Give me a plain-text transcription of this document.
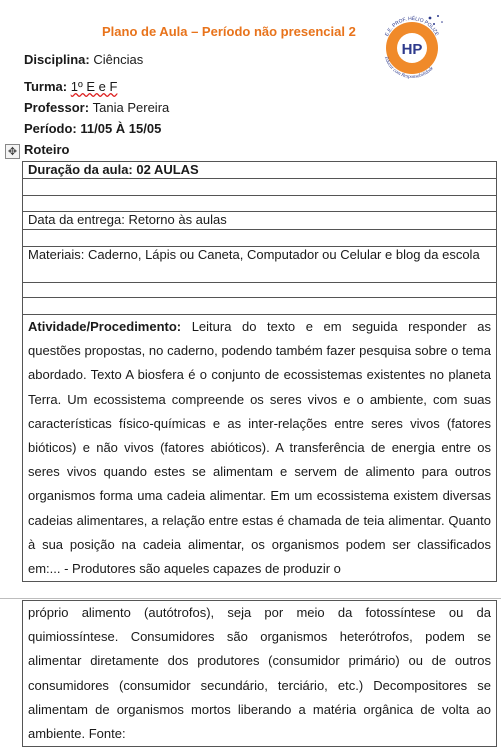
Plano de Aula – Período não presencial 2
HP
E.E. PROF. HÉLIO POLIZE
Educar com Responsabilidade
Disciplina: Ciências
Turma: 1º E e F
Professor: Tania Pereira
Período: 11/05 À 15/05
✥ Roteiro
Duração da aula: 02 AULAS

Data da entrega: Retorno às aulas

Materiais: Caderno, Lápis ou Caneta, Computador ou Celular e blog da escola

Atividade/Procedimento: Leitura do texto e em seguida responder as questões propostas, no caderno, podendo também fazer pesquisa sobre o tema abordado. Texto A biosfera é o conjunto de ecossistemas existentes no planeta Terra. Um ecossistema compreende os seres vivos e o ambiente, com suas características físico-químicas e as inter-relações entre seres vivos (fatores bióticos) e não vivos (fatores abióticos). A transferência de energia entre os seres vivos quando estes se alimentam e servem de alimento para outros organismos forma uma cadeia alimentar. Em um ecossistema existem diversas cadeias alimentares, a relação entre estas é chamada de teia alimentar. Quanto à sua posição na cadeia alimentar, os organismos podem ser classificados em:... - Produtores são aqueles capazes de produzir o
próprio alimento (autótrofos), seja por meio da fotossíntese ou da quimiossíntese. Consumidores são organismos heterótrofos, podem se alimentar diretamente dos produtores (consumidor primário) ou de outros consumidores (consumidor secundário, terciário, etc.) Decompositores se alimentam de organismos mortos liberando a matéria orgânica de volta ao ambiente. Fonte:
